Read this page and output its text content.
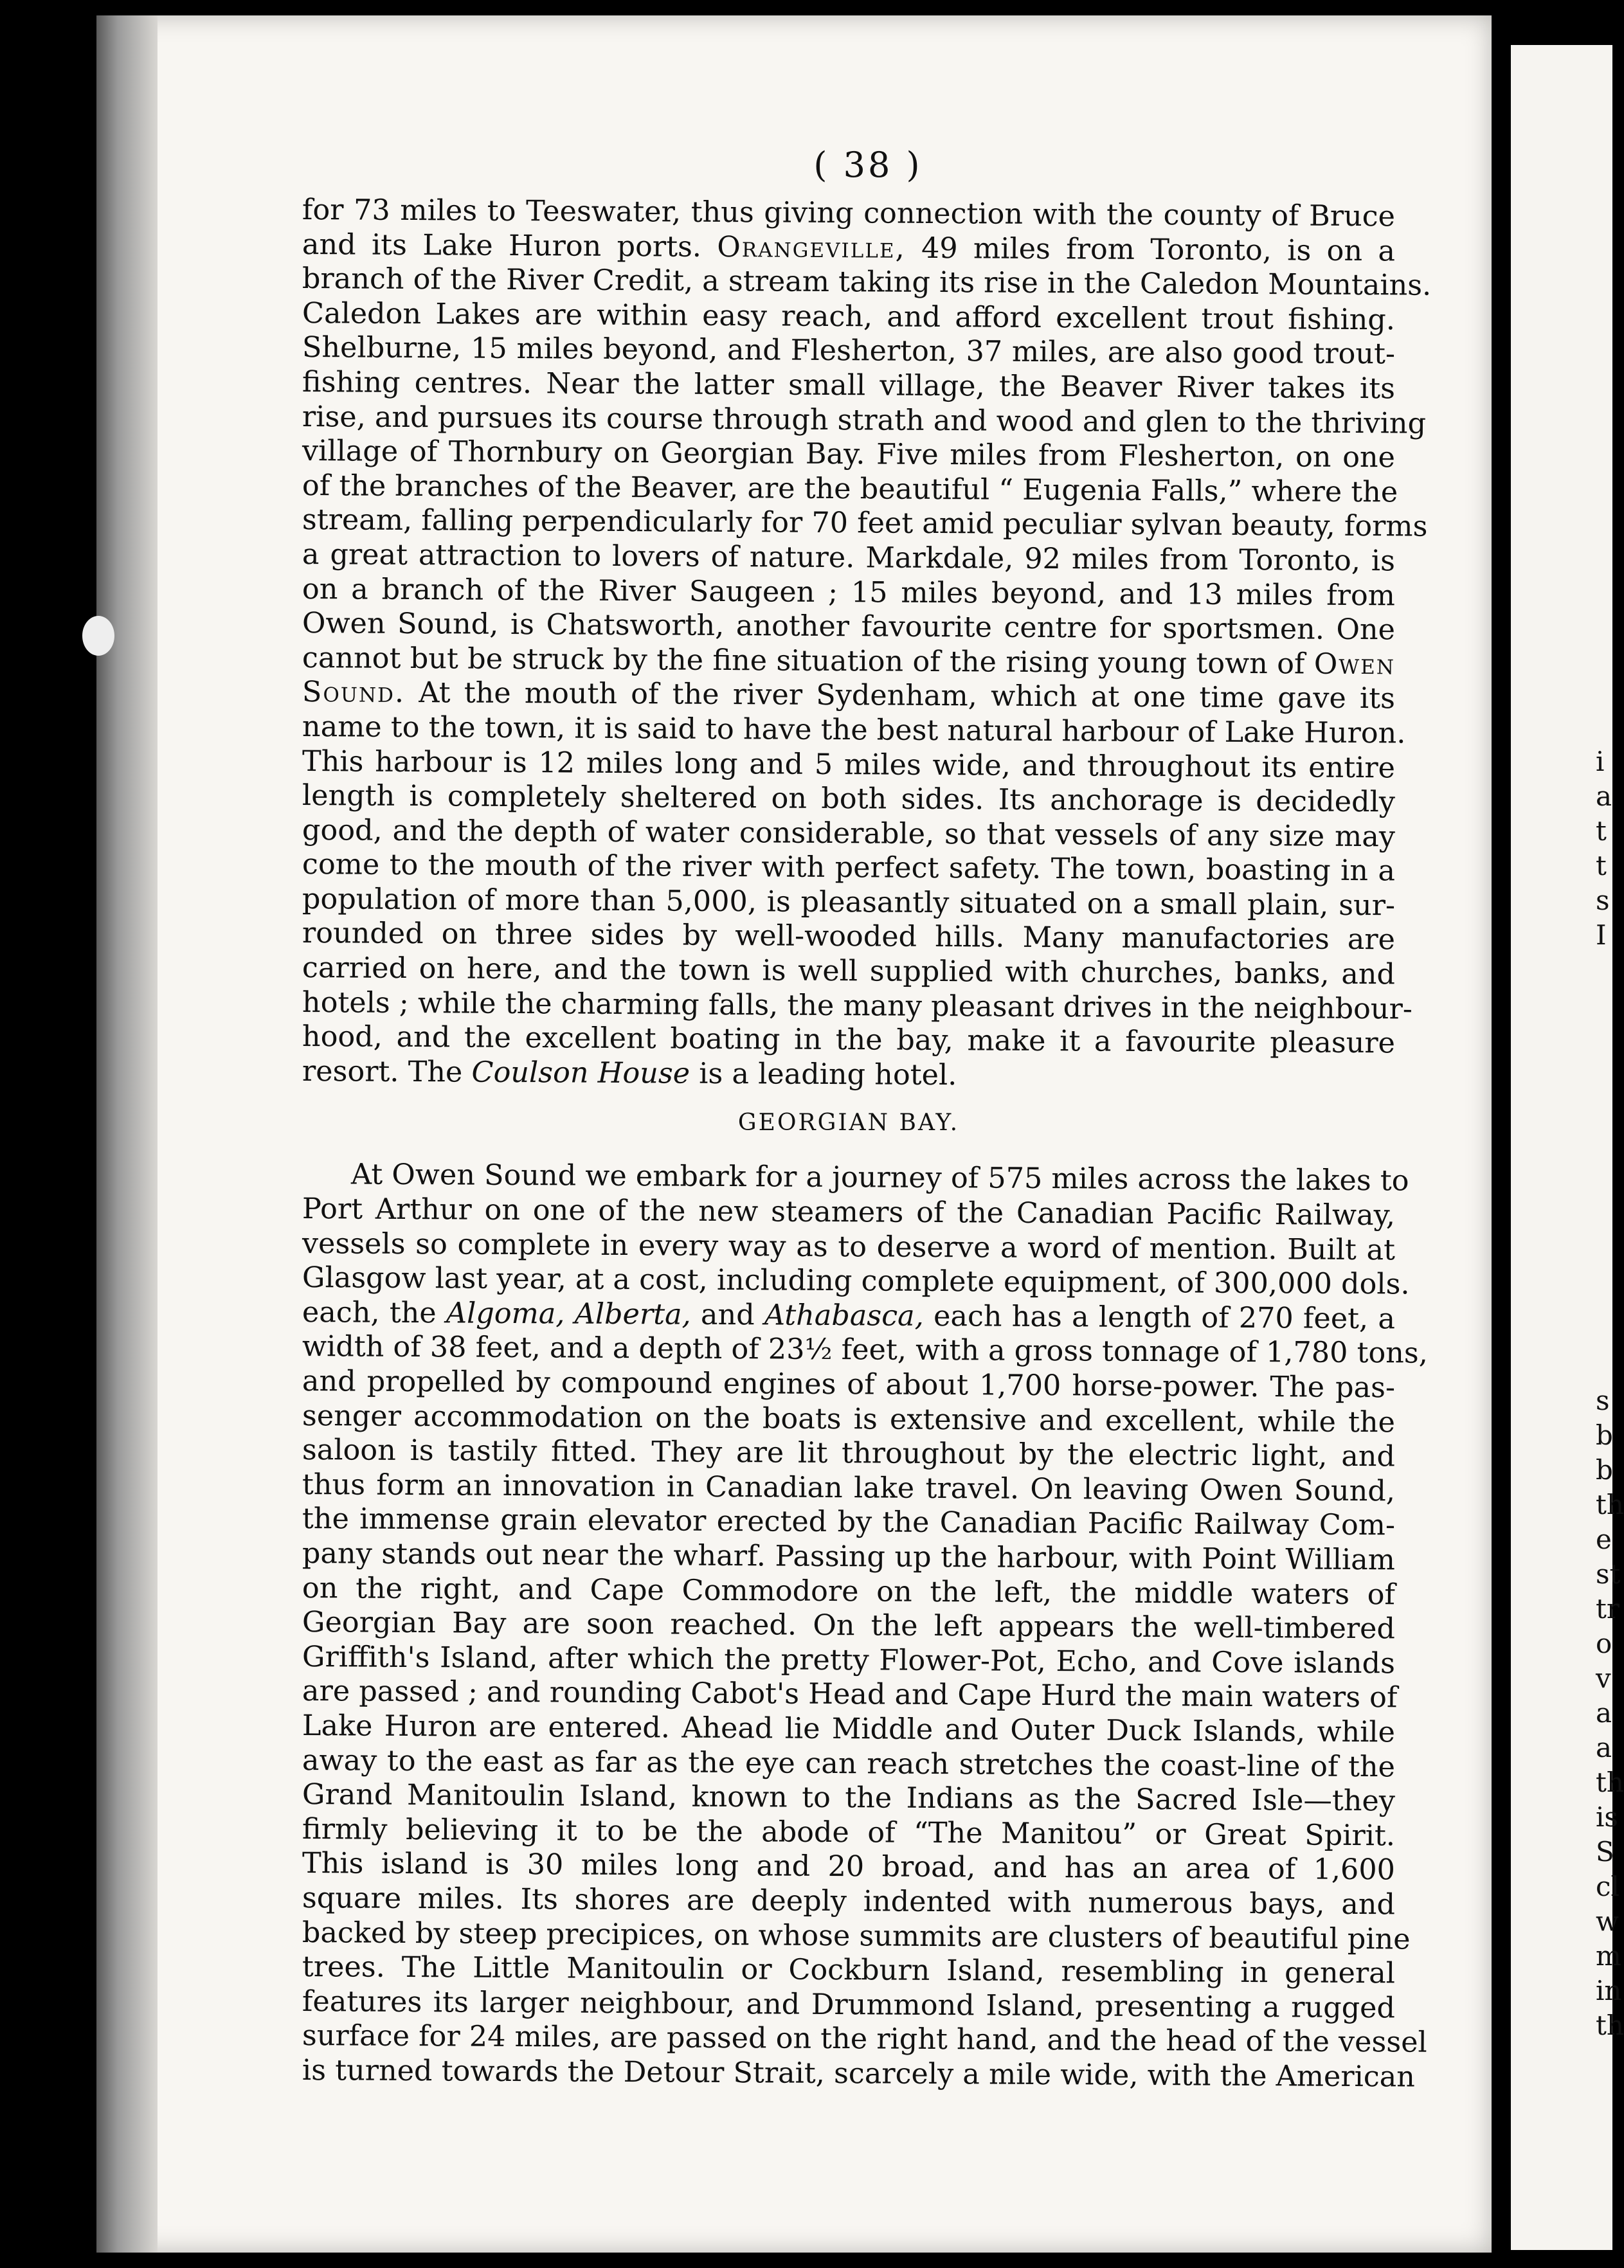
( 38 )

for 73 miles to Teeswater, thus giving connection with the county of Bruce

and its Lake Huron ports. Orangeville, 49 miles from Toronto, is on a

branch of the River Credit, a stream taking its rise in the Caledon Mountains.

Caledon Lakes are within easy reach, and afford excellent trout fishing.

Shelburne, 15 miles beyond, and Flesherton, 37 miles, are also good trout-

fishing centres. Near the latter small village, the Beaver River takes its

rise, and pursues its course through strath and wood and glen to the thriving

village of Thornbury on Georgian Bay. Five miles from Flesherton, on one

of the branches of the Beaver, are the beautiful “ Eugenia Falls,” where the

stream, falling perpendicularly for 70 feet amid peculiar sylvan beauty, forms

a great attraction to lovers of nature. Markdale, 92 miles from Toronto, is

on a branch of the River Saugeen ; 15 miles beyond, and 13 miles from

Owen Sound, is Chatsworth, another favourite centre for sportsmen. One

cannot but be struck by the fine situation of the rising young town of Owen

Sound. At the mouth of the river Sydenham, which at one time gave its

name to the town, it is said to have the best natural harbour of Lake Huron.

This harbour is 12 miles long and 5 miles wide, and throughout its entire

length is completely sheltered on both sides. Its anchorage is decidedly

good, and the depth of water considerable, so that vessels of any size may

come to the mouth of the river with perfect safety. The town, boasting in a

population of more than 5,000, is pleasantly situated on a small plain, sur-

rounded on three sides by well-wooded hills. Many manufactories are

carried on here, and the town is well supplied with churches, banks, and

hotels ; while the charming falls, the many pleasant drives in the neighbour-

hood, and the excellent boating in the bay, make it a favourite pleasure

resort. The Coulson House is a leading hotel.

GEORGIAN BAY.

At Owen Sound we embark for a journey of 575 miles across the lakes to

Port Arthur on one of the new steamers of the Canadian Pacific Railway,

vessels so complete in every way as to deserve a word of mention. Built at

Glasgow last year, at a cost, including complete equipment, of 300,000 dols.

each, the Algoma, Alberta, and Athabasca, each has a length of 270 feet, a

width of 38 feet, and a depth of 23½ feet, with a gross tonnage of 1,780 tons,

and propelled by compound engines of about 1,700 horse-power. The pas-

senger accommodation on the boats is extensive and excellent, while the

saloon is tastily fitted. They are lit throughout by the electric light, and

thus form an innovation in Canadian lake travel. On leaving Owen Sound,

the immense grain elevator erected by the Canadian Pacific Railway Com-

pany stands out near the wharf. Passing up the harbour, with Point William

on the right, and Cape Commodore on the left, the middle waters of

Georgian Bay are soon reached. On the left appears the well-timbered

Griffith's Island, after which the pretty Flower-Pot, Echo, and Cove islands

are passed ; and rounding Cabot's Head and Cape Hurd the main waters of

Lake Huron are entered. Ahead lie Middle and Outer Duck Islands, while

away to the east as far as the eye can reach stretches the coast-line of the

Grand Manitoulin Island, known to the Indians as the Sacred Isle—they

firmly believing it to be the abode of “The Manitou” or Great Spirit.

This island is 30 miles long and 20 broad, and has an area of 1,600

square miles. Its shores are deeply indented with numerous bays, and

backed by steep precipices, on whose summits are clusters of beautiful pine

trees. The Little Manitoulin or Cockburn Island, resembling in general

features its larger neighbour, and Drummond Island, presenting a rugged

surface for 24 miles, are passed on the right hand, and the head of the vessel

is turned towards the Detour Strait, scarcely a mile wide, with the American

i
a
t
t
s
I
s
b
b
th
e
st
tr
o
v
a
a
th
is
S
cl
w
m
in
th
